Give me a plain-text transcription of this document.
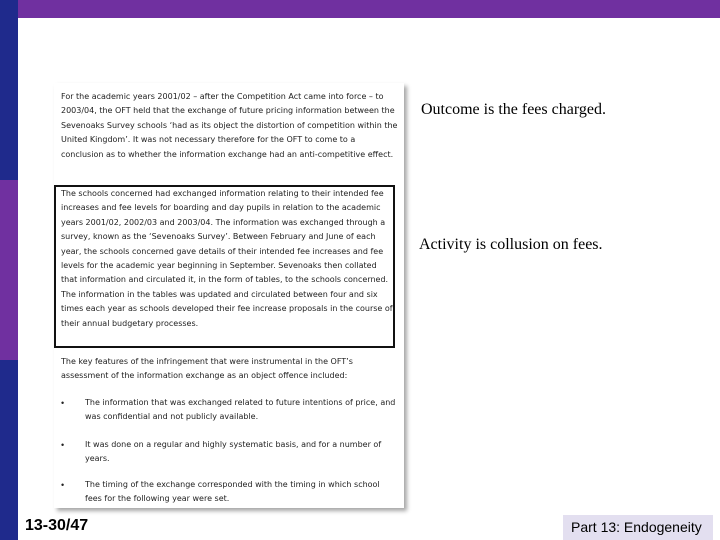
For the academic years 2001/02 – after the Competition Act came into force – to 2003/04, the OFT held that the exchange of future pricing information between the Sevenoaks Survey schools ‘had as its object the distortion of competition within the United Kingdom’. It was not necessary therefore for the OFT to come to a conclusion as to whether the information exchange had an anti-competitive effect.

The schools concerned had exchanged information relating to their intended fee increases and fee levels for boarding and day pupils in relation to the academic years 2001/02, 2002/03 and 2003/04. The information was exchanged through a survey, known as the ‘Sevenoaks Survey’. Between February and June of each year, the schools concerned gave details of their intended fee increases and fee levels for the academic year beginning in September. Sevenoaks then collated that information and circulated it, in the form of tables, to the schools concerned. The information in the tables was updated and circulated between four and six times each year as schools developed their fee increase proposals in the course of their annual budgetary processes.

The key features of the infringement that were instrumental in the OFT’s assessment of the information exchange as an object offence included:

•	The information that was exchanged related to future intentions of price, and was confidential and not publicly available.

•	It was done on a regular and highly systematic basis, and for a number of years.

•	The timing of the exchange corresponded with the timing in which school fees for the following year were set.

Outcome is the fees charged.
Activity is collusion on fees.
13-30/47	Part 13: Endogeneity
